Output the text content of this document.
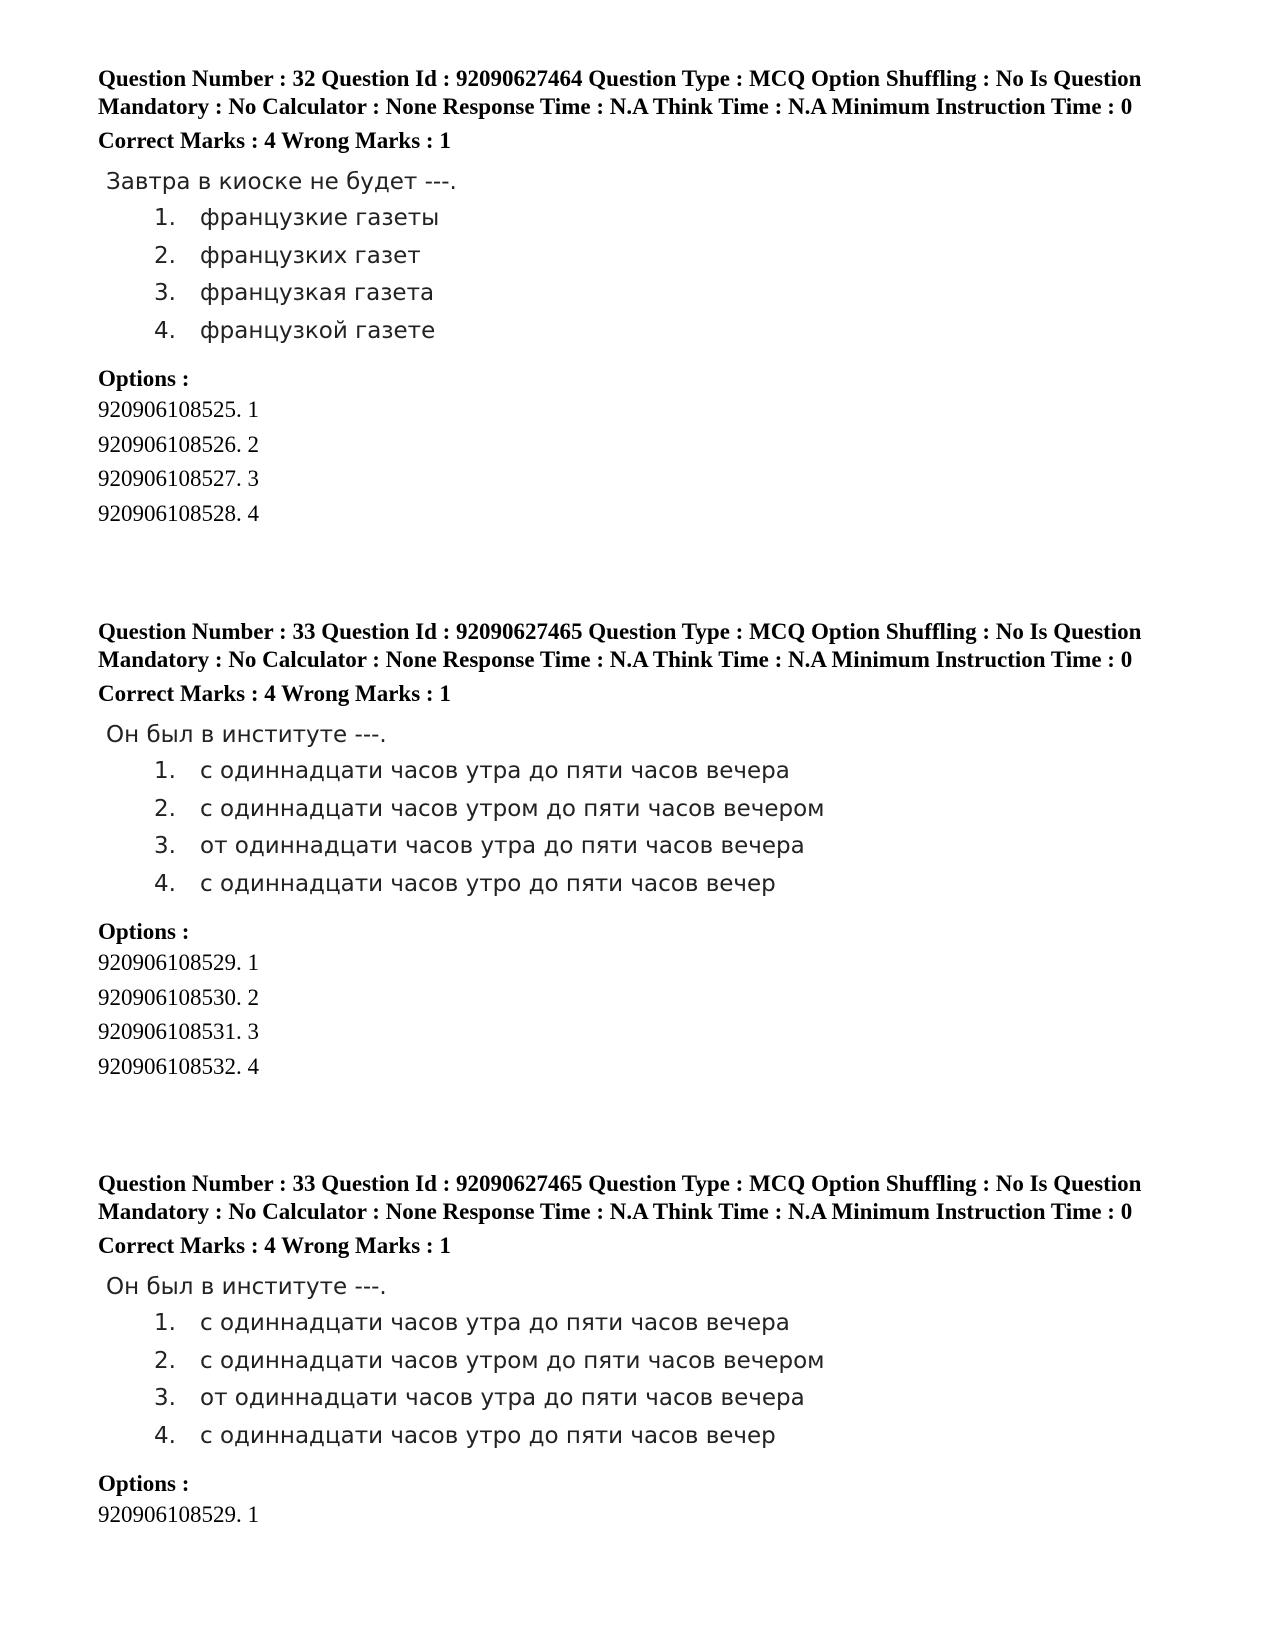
Question Number : 32 Question Id : 92090627464 Question Type : MCQ Option Shuffling : No Is Question Mandatory : No Calculator : None Response Time : N.A Think Time : N.A Minimum Instruction Time : 0

Correct Marks : 4 Wrong Marks : 1
Завтра в киоске не будет ---.
1.	французкие газеты
2.	французких газет
3.	французкая газета
4.	французкой газете
Options :

920906108525. 1

920906108526. 2

920906108527. 3

920906108528. 4

Question Number : 33 Question Id : 92090627465 Question Type : MCQ Option Shuffling : No Is Question Mandatory : No Calculator : None Response Time : N.A Think Time : N.A Minimum Instruction Time : 0

Correct Marks : 4 Wrong Marks : 1
Он был в институте ---.
1.	с одиннадцати часов утра до пяти часов вечера
2.	с одиннадцати часов утром до пяти часов вечером
3.	от одиннадцати часов утра до пяти часов вечера
4.	с одиннадцати часов утро до пяти часов вечер
Options :

920906108529. 1

920906108530. 2

920906108531. 3

920906108532. 4

Question Number : 33 Question Id : 92090627465 Question Type : MCQ Option Shuffling : No Is Question Mandatory : No Calculator : None Response Time : N.A Think Time : N.A Minimum Instruction Time : 0

Correct Marks : 4 Wrong Marks : 1
Он был в институте ---.
1.	с одиннадцати часов утра до пяти часов вечера
2.	с одиннадцати часов утром до пяти часов вечером
3.	от одиннадцати часов утра до пяти часов вечера
4.	с одиннадцати часов утро до пяти часов вечер
Options :

920906108529. 1
